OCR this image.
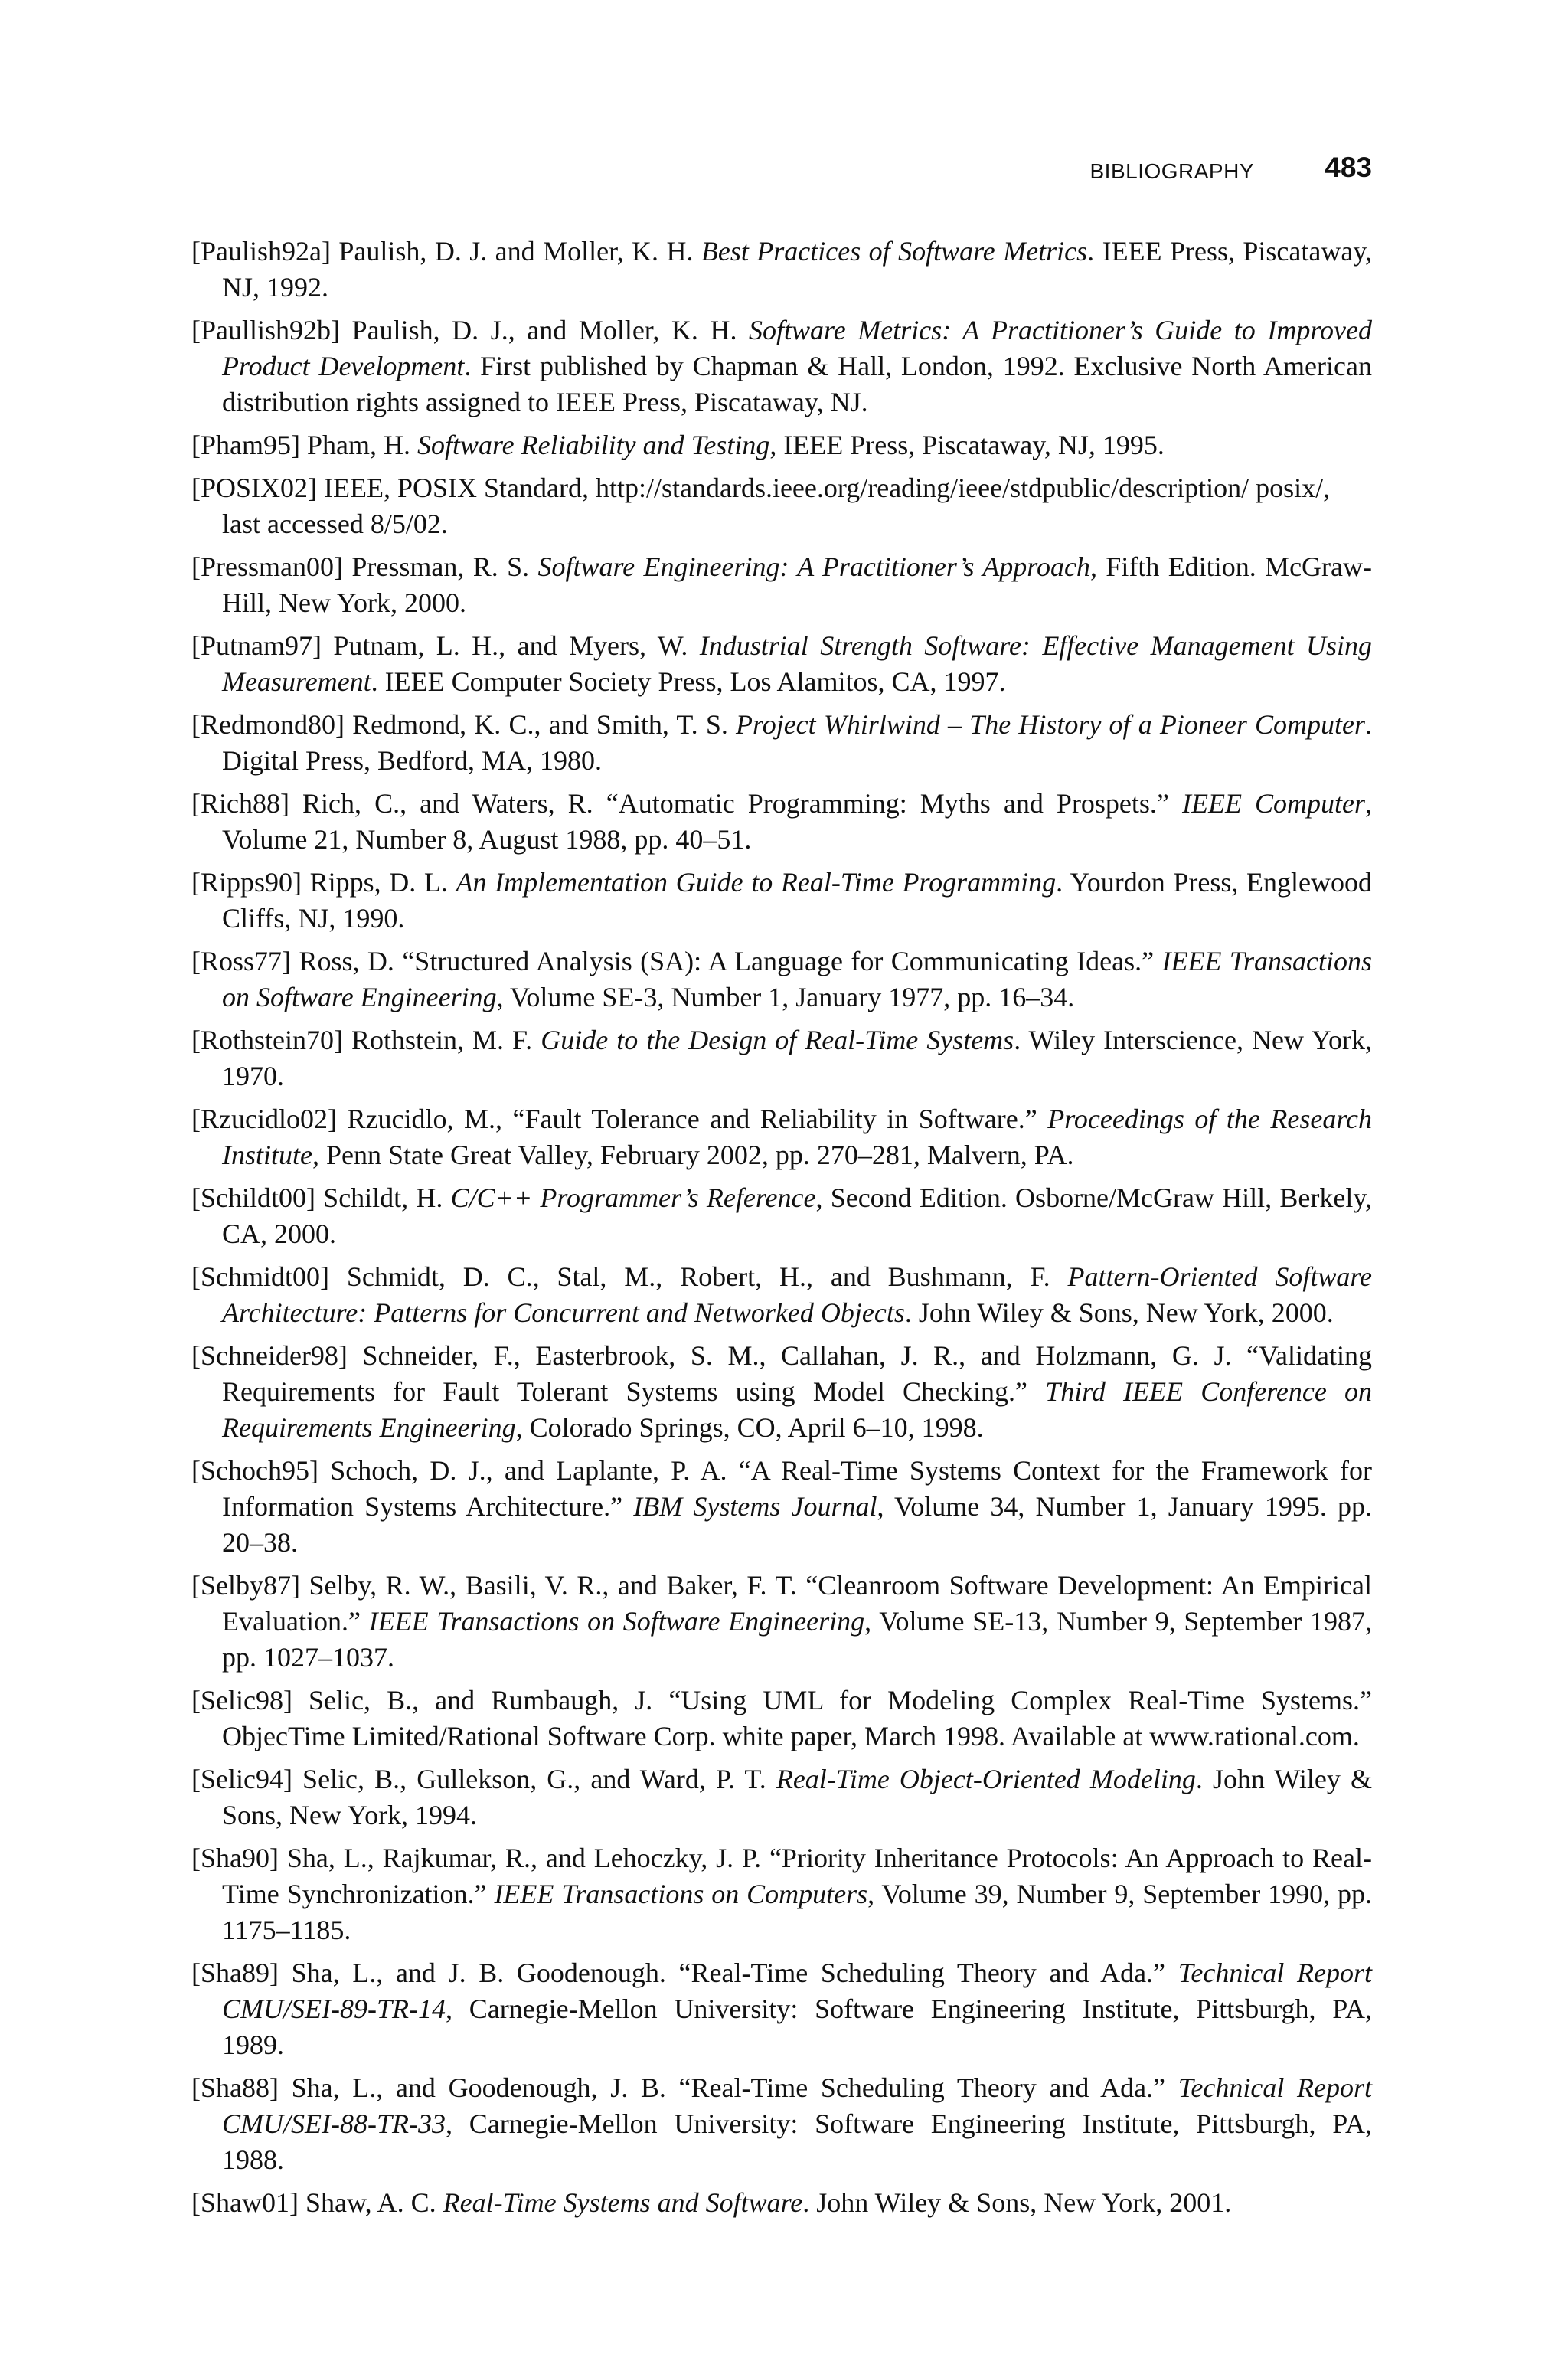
BIBLIOGRAPHY 483
[Paulish92a] Paulish, D. J. and Moller, K. H. Best Practices of Software Metrics. IEEE Press, Piscataway, NJ, 1992.
[Paullish92b] Paulish, D. J., and Moller, K. H. Software Metrics: A Practitioner’s Guide to Improved Product Development. First published by Chapman & Hall, London, 1992. Exclusive North American distribution rights assigned to IEEE Press, Piscataway, NJ.
[Pham95] Pham, H. Software Reliability and Testing, IEEE Press, Piscataway, NJ, 1995.
[POSIX02] IEEE, POSIX Standard, http://standards.ieee.org/reading/ieee/stdpublic/description/ posix/, last accessed 8/5/02.
[Pressman00] Pressman, R. S. Software Engineering: A Practitioner’s Approach, Fifth Edition. McGraw-Hill, New York, 2000.
[Putnam97] Putnam, L. H., and Myers, W. Industrial Strength Software: Effective Management Using Measurement. IEEE Computer Society Press, Los Alamitos, CA, 1997.
[Redmond80] Redmond, K. C., and Smith, T. S. Project Whirlwind – The History of a Pioneer Computer. Digital Press, Bedford, MA, 1980.
[Rich88] Rich, C., and Waters, R. “Automatic Programming: Myths and Prospets.” IEEE Computer, Volume 21, Number 8, August 1988, pp. 40–51.
[Ripps90] Ripps, D. L. An Implementation Guide to Real-Time Programming. Yourdon Press, Englewood Cliffs, NJ, 1990.
[Ross77] Ross, D. “Structured Analysis (SA): A Language for Communicating Ideas.” IEEE Transactions on Software Engineering, Volume SE-3, Number 1, January 1977, pp. 16–34.
[Rothstein70] Rothstein, M. F. Guide to the Design of Real-Time Systems. Wiley Interscience, New York, 1970.
[Rzucidlo02] Rzucidlo, M., “Fault Tolerance and Reliability in Software.” Proceedings of the Research Institute, Penn State Great Valley, February 2002, pp. 270–281, Malvern, PA.
[Schildt00] Schildt, H. C/C++ Programmer’s Reference, Second Edition. Osborne/McGraw Hill, Berkely, CA, 2000.
[Schmidt00] Schmidt, D. C., Stal, M., Robert, H., and Bushmann, F. Pattern-Oriented Software Architecture: Patterns for Concurrent and Networked Objects. John Wiley & Sons, New York, 2000.
[Schneider98] Schneider, F., Easterbrook, S. M., Callahan, J. R., and Holzmann, G. J. “Validating Requirements for Fault Tolerant Systems using Model Checking.” Third IEEE Conference on Requirements Engineering, Colorado Springs, CO, April 6–10, 1998.
[Schoch95] Schoch, D. J., and Laplante, P. A. “A Real-Time Systems Context for the Framework for Information Systems Architecture.” IBM Systems Journal, Volume 34, Number 1, January 1995. pp. 20–38.
[Selby87] Selby, R. W., Basili, V. R., and Baker, F. T. “Cleanroom Software Development: An Empirical Evaluation.” IEEE Transactions on Software Engineering, Volume SE-13, Number 9, September 1987, pp. 1027–1037.
[Selic98] Selic, B., and Rumbaugh, J. “Using UML for Modeling Complex Real-Time Systems.” ObjecTime Limited/Rational Software Corp. white paper, March 1998. Available at www.rational.com.
[Selic94] Selic, B., Gullekson, G., and Ward, P. T. Real-Time Object-Oriented Modeling. John Wiley & Sons, New York, 1994.
[Sha90] Sha, L., Rajkumar, R., and Lehoczky, J. P. “Priority Inheritance Protocols: An Approach to Real-Time Synchronization.” IEEE Transactions on Computers, Volume 39, Number 9, September 1990, pp. 1175–1185.
[Sha89] Sha, L., and J. B. Goodenough. “Real-Time Scheduling Theory and Ada.” Technical Report CMU/SEI-89-TR-14, Carnegie-Mellon University: Software Engineering Institute, Pittsburgh, PA, 1989.
[Sha88] Sha, L., and Goodenough, J. B. “Real-Time Scheduling Theory and Ada.” Technical Report CMU/SEI-88-TR-33, Carnegie-Mellon University: Software Engineering Institute, Pittsburgh, PA, 1988.
[Shaw01] Shaw, A. C. Real-Time Systems and Software. John Wiley & Sons, New York, 2001.
